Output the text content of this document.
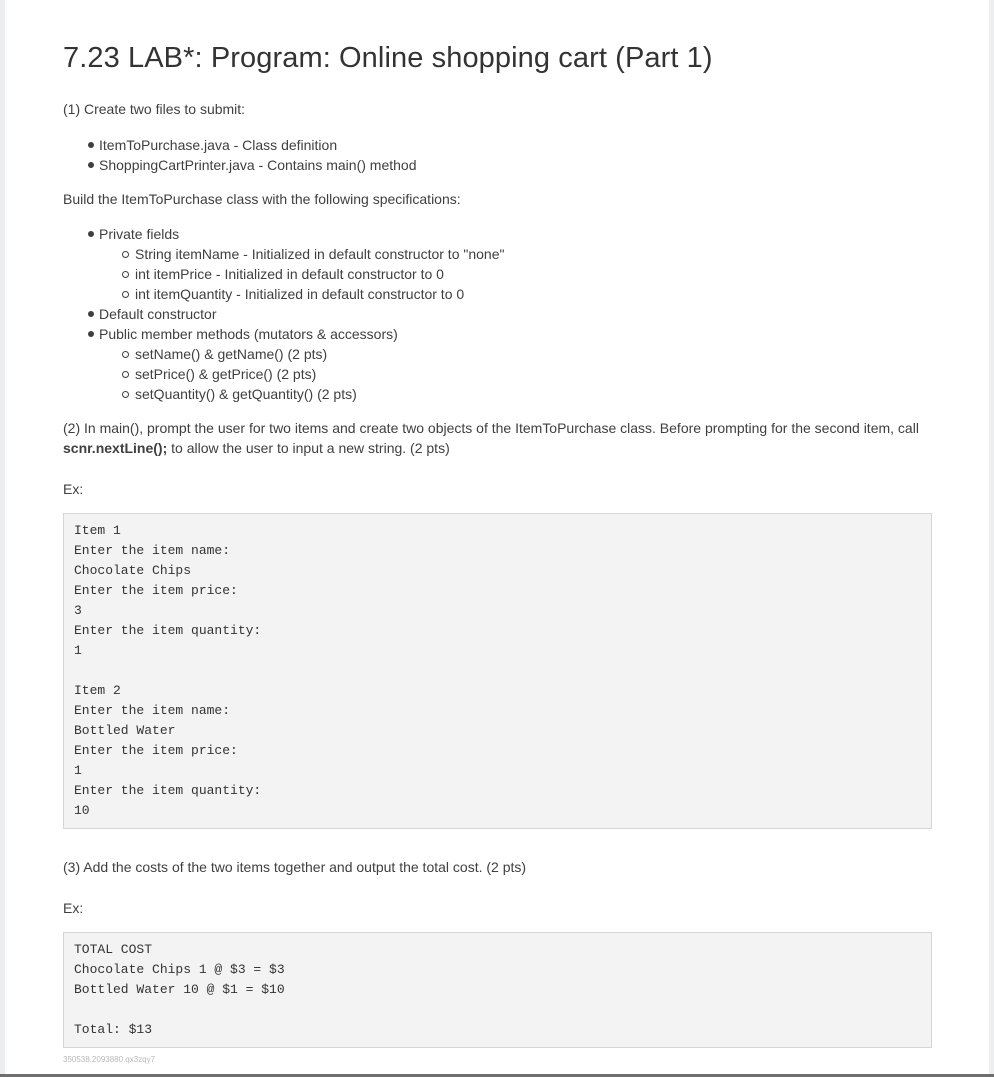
7.23 LAB*: Program: Online shopping cart (Part 1)

(1) Create two files to submit:

ItemToPurchase.java - Class definition
ShoppingCartPrinter.java - Contains main() method

Build the ItemToPurchase class with the following specifications:

Private fields
String itemName - Initialized in default constructor to "none"
int itemPrice - Initialized in default constructor to 0
int itemQuantity - Initialized in default constructor to 0
Default constructor
Public member methods (mutators & accessors)
setName() & getName() (2 pts)
setPrice() & getPrice() (2 pts)
setQuantity() & getQuantity() (2 pts)

(2) In main(), prompt the user for two items and create two objects of the ItemToPurchase class. Before prompting for the second item, call scnr.nextLine(); to allow the user to input a new string. (2 pts)

Ex:

Item 1
Enter the item name:
Chocolate Chips
Enter the item price:
3
Enter the item quantity:
1
Item 2
Enter the item name:
Bottled Water
Enter the item price:
1
Enter the item quantity:
10

(3) Add the costs of the two items together and output the total cost. (2 pts)

Ex:

TOTAL COST
Chocolate Chips 1 @ $3 = $3
Bottled Water 10 @ $1 = $10
Total: $13
350538.2093880.qx3zqy7
